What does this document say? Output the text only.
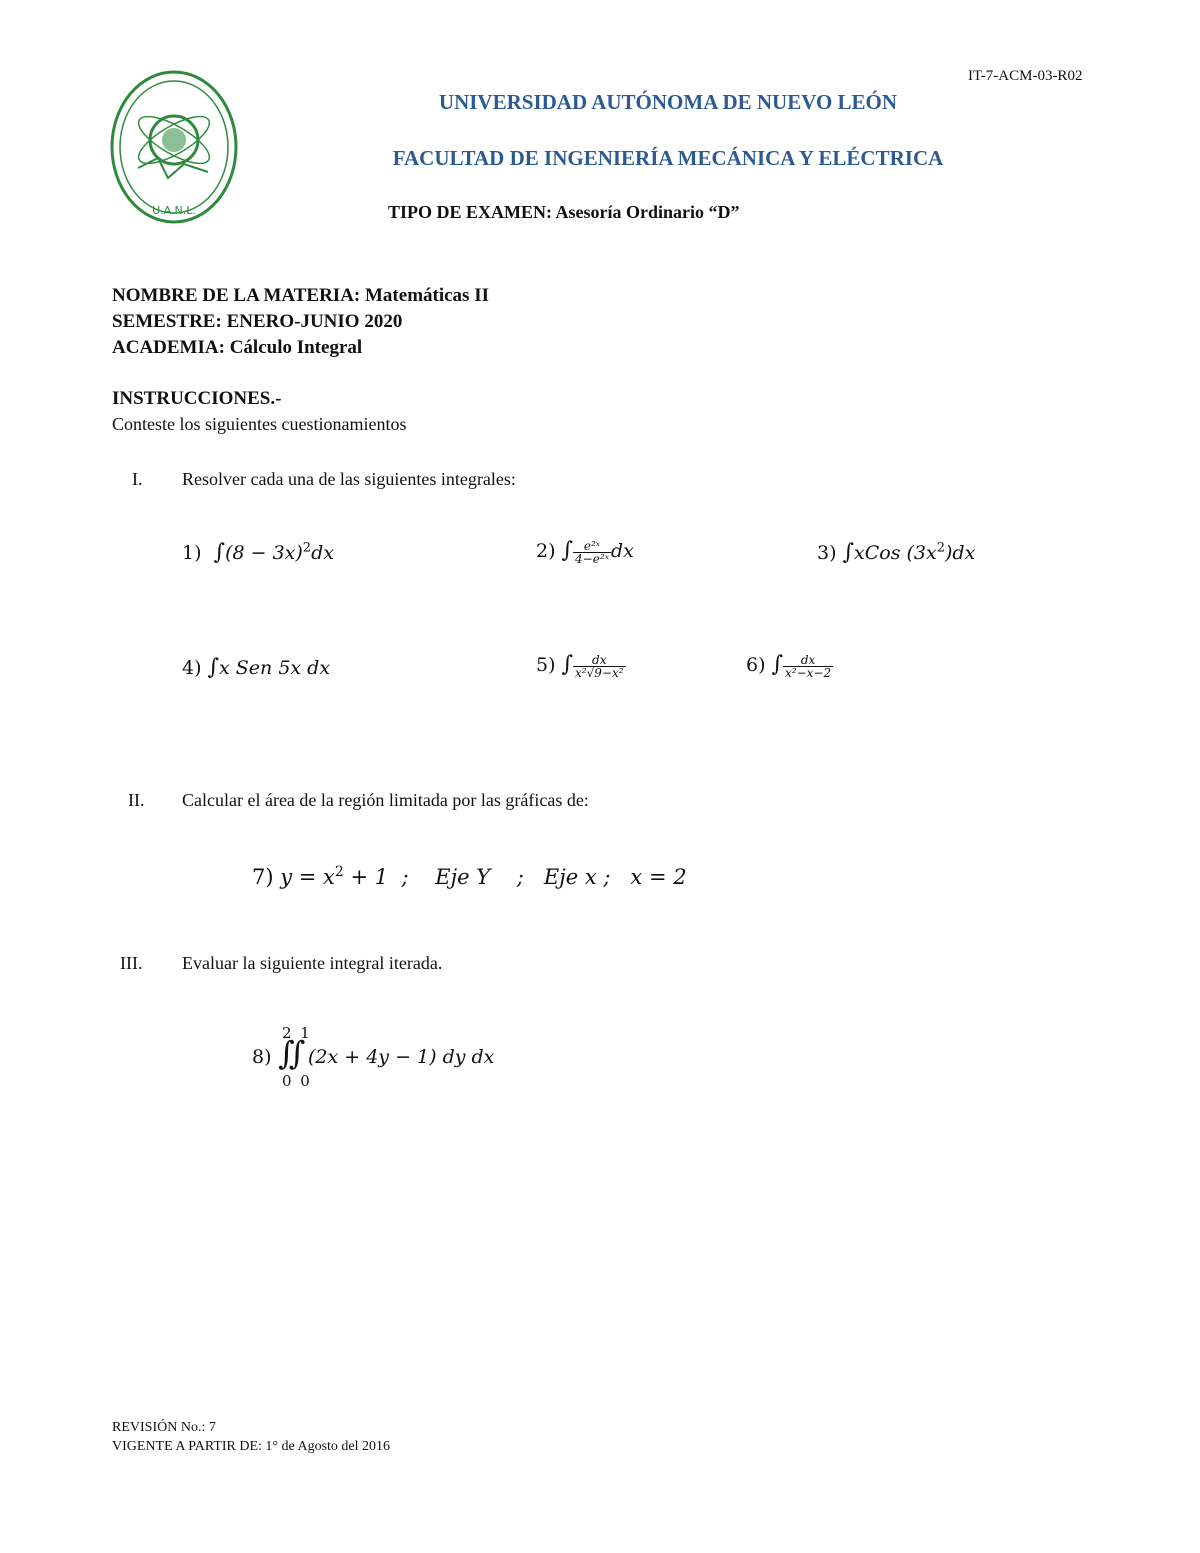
IT-7-ACM-03-R02
U.A.N.L.
UNIVERSIDAD AUTÓNOMA DE NUEVO LEÓN
FACULTAD DE INGENIERÍA MECÁNICA Y ELÉCTRICA
TIPO DE EXAMEN: Asesoría Ordinario “D”
NOMBRE DE LA MATERIA: Matemáticas II
SEMESTRE: ENERO-JUNIO 2020
ACADEMIA: Cálculo Integral
INSTRUCCIONES.-
Conteste los siguientes cuestionamientos
I. Resolver cada una de las siguientes integrales:
1) $\int(8 - 3x)^2dx$	2) ∫ $\frac{\text{e²ˣ}}{\text{4−e²ˣ}}$ dx	3) ∫xCos $(3x^2)dx$
4) ∫x Sen 5x dx	5) ∫ $\frac{dx}{\text{x²√9−x²}}$	6) ∫ $\frac{dx}{\text{x²−x−2}}$
II. Calcular el área de la región limitada por las gráficas de:
7) $y = x^2 + 1$  ;    Eje Y    ;   Eje x ;   x = 2
III. Evaluar la siguiente integral iterada.
8)
2 1
∫∫
0 0
(2x + 4y − 1) dy dx
REVISIÓN No.: 7
VIGENTE A PARTIR DE: 1° de Agosto del 2016
